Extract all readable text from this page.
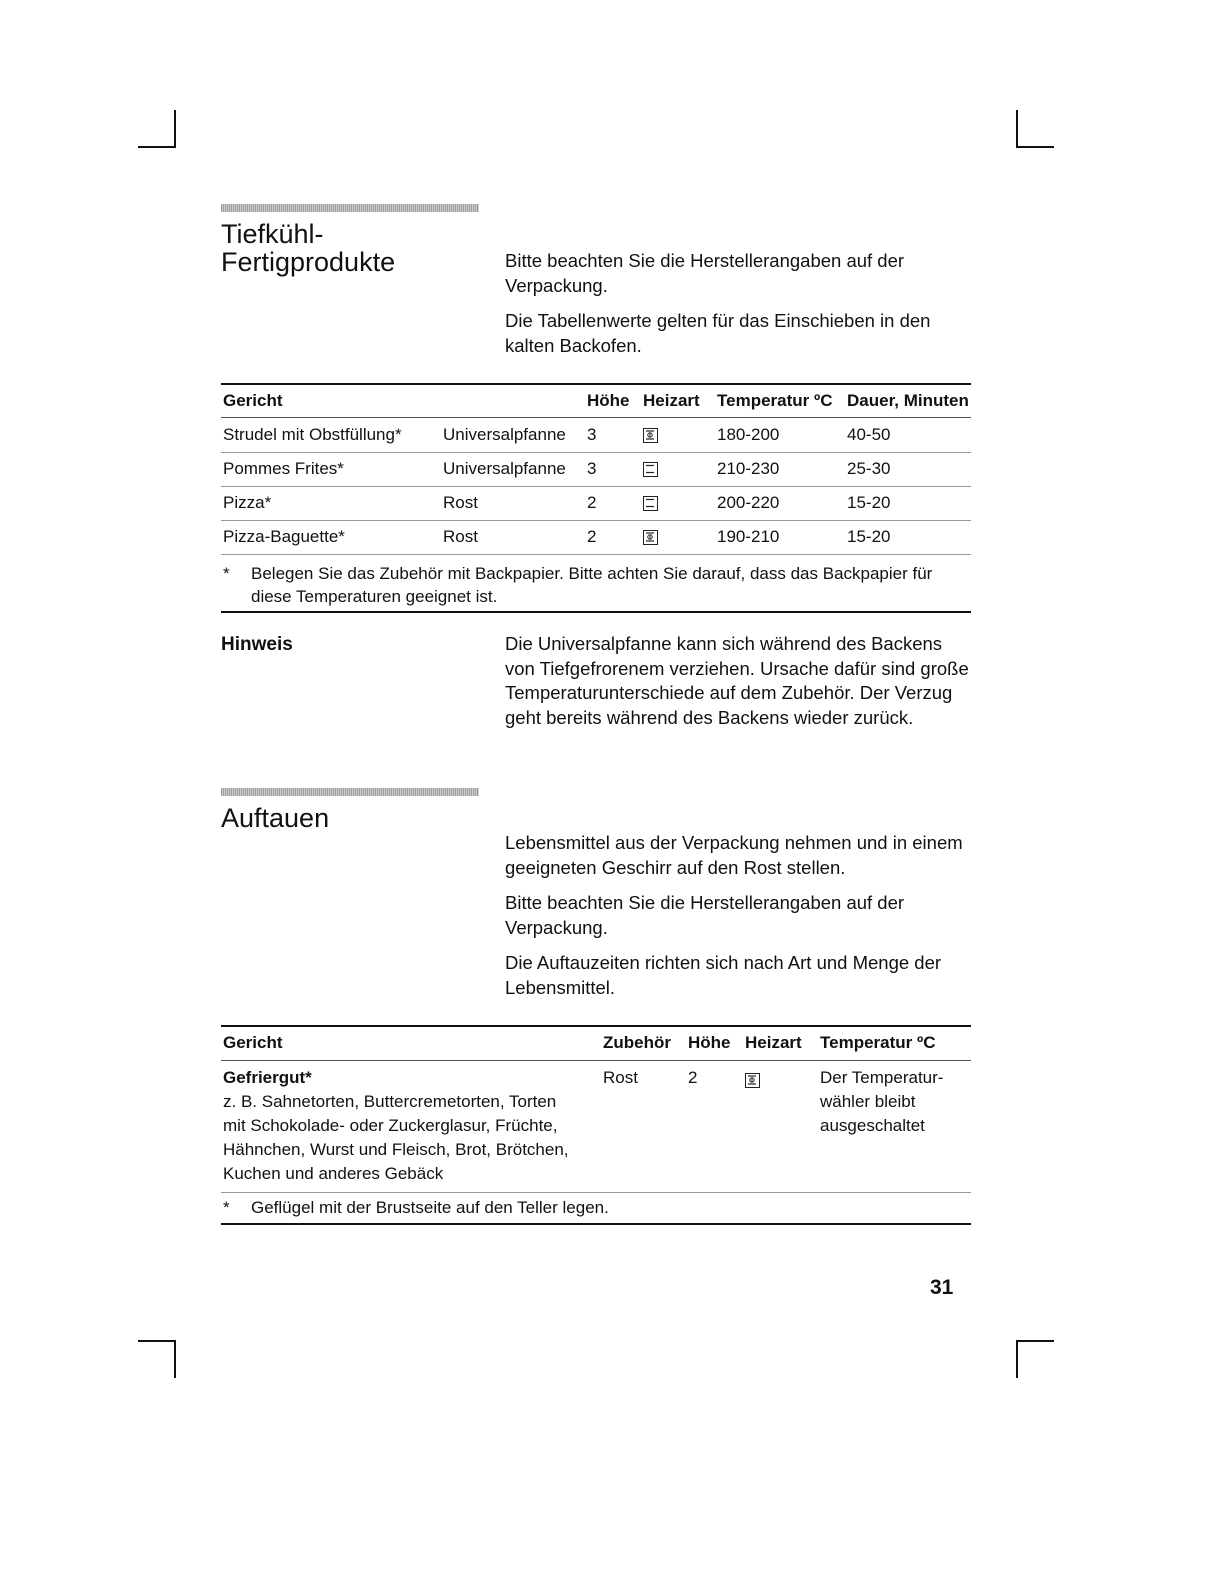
Tiefkühl-
Fertigprodukte	Bitte beachten Sie die Herstellerangaben auf der Verpackung.

Die Tabellenwerte gelten für das Einschieben in den kalten Backofen.

Gericht		Höhe	Heizart	Temperatur ºC	Dauer, Minuten
Strudel mit Obstfüllung*	Universalpfanne	3		180-200	40-50
Pommes Frites*	Universalpfanne	3		210-230	25-30
Pizza*	Rost	2		200-220	15-20
Pizza-Baguette*	Rost	2		190-210	15-20
* Belegen Sie das Zubehör mit Backpapier. Bitte achten Sie darauf, dass das Backpapier für diese Temperaturen geeignet ist.

Hinweis	Die Universalpfanne kann sich während des Backens von Tiefgefrorenem verziehen. Ursache dafür sind große Temperaturunterschiede auf dem Zubehör. Der Verzug geht bereits während des Backens wieder zurück.

Auftauen

Lebensmittel aus der Verpackung nehmen und in einem geeigneten Geschirr auf den Rost stellen.

Bitte beachten Sie die Herstellerangaben auf der Verpackung.

Die Auftauzeiten richten sich nach Art und Menge der Lebensmittel.

Gericht	Zubehör	Höhe	Heizart	Temperatur ºC

Gefriergut*
z. B. Sahnetorten, Buttercremetorten, Torten mit Schokolade- oder Zuckerglasur, Früchte, Hähnchen, Wurst und Fleisch, Brot, Brötchen, Kuchen und anderes Gebäck	Rost	2		Der Temperatur-wähler bleibt ausgeschaltet
* Geflügel mit der Brustseite auf den Teller legen.

31
